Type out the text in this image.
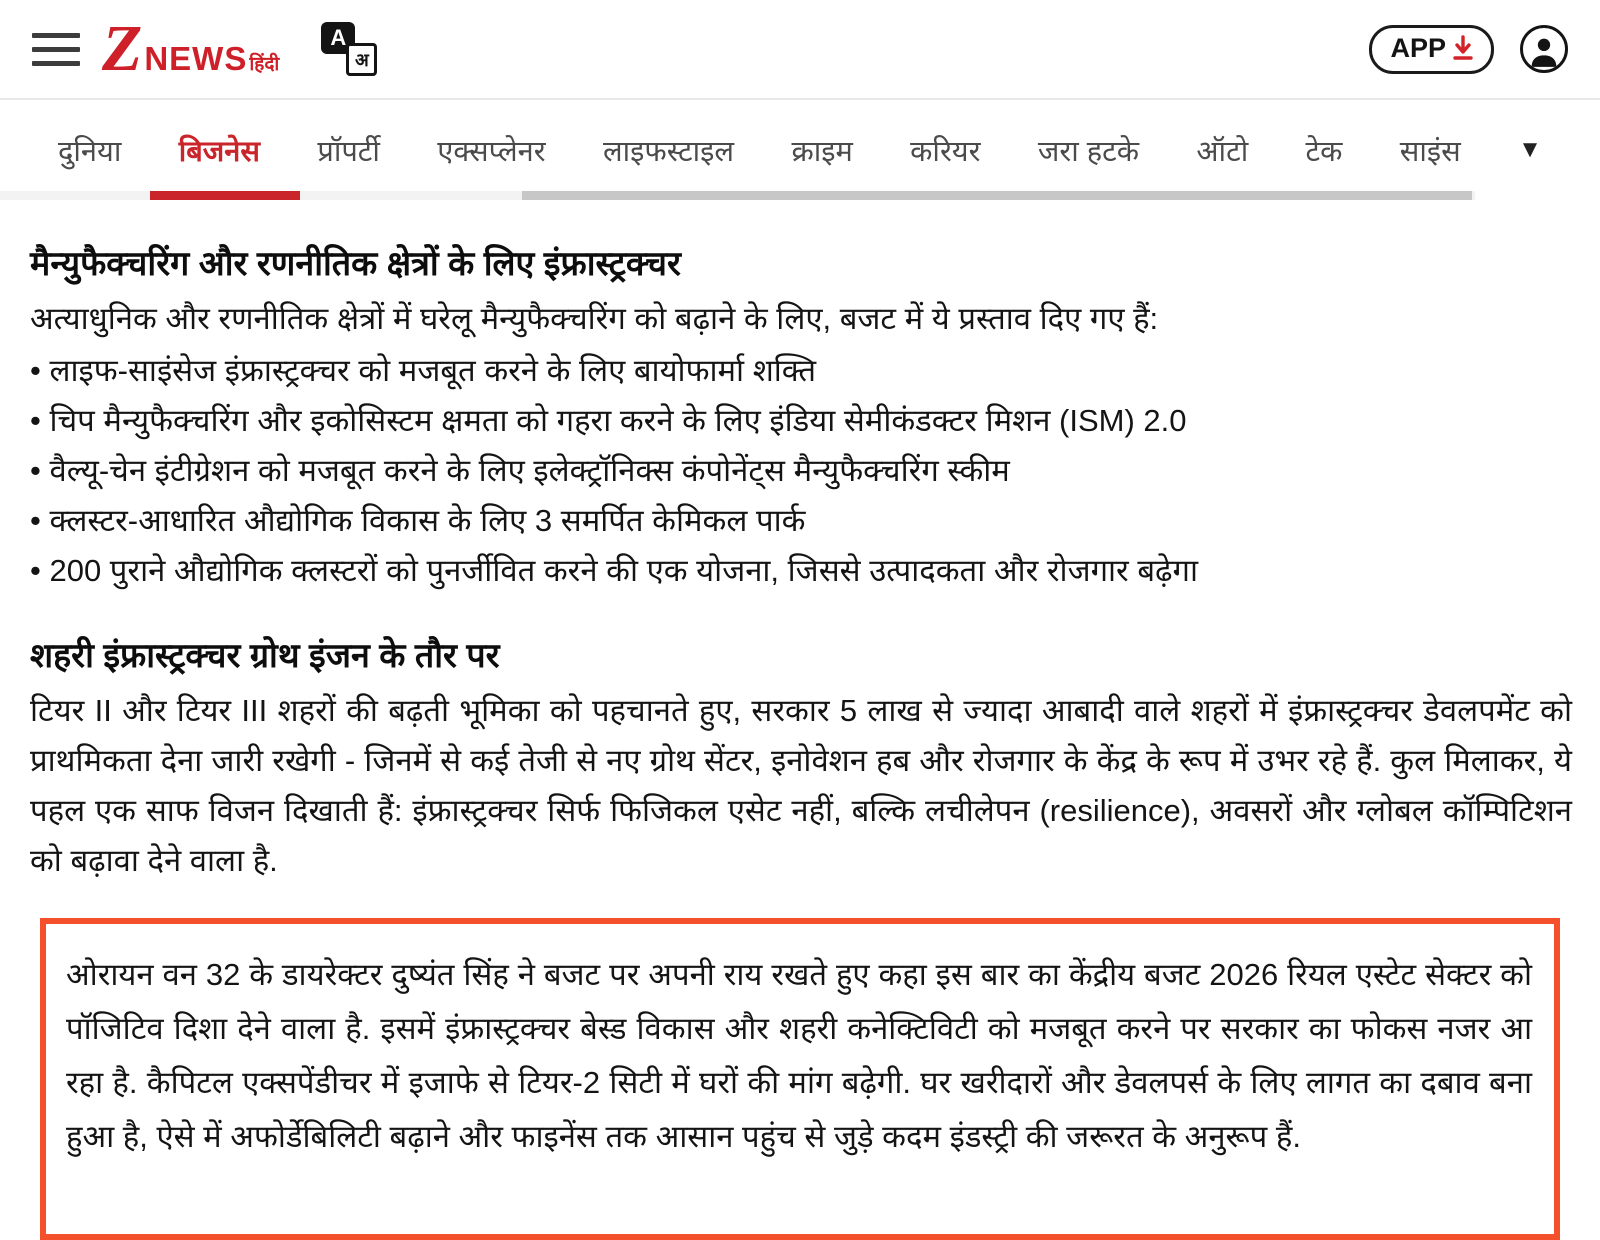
Z NEWS हिंदी
A
अ	APP
दुनिया बिजनेस प्रॉपर्टी एक्सप्लेनर लाइफस्टाइल क्राइम करियर जरा हटके ऑटो टेक साइंस ▼
मैन्युफैक्चरिंग और रणनीतिक क्षेत्रों के लिए इंफ्रास्ट्रक्चर

अत्याधुनिक और रणनीतिक क्षेत्रों में घरेलू मैन्युफैक्चरिंग को बढ़ाने के लिए, बजट में ये प्रस्ताव दिए गए हैं:

• लाइफ-साइंसेज इंफ्रास्ट्रक्चर को मजबूत करने के लिए बायोफार्मा शक्ति
• चिप मैन्युफैक्चरिंग और इकोसिस्टम क्षमता को गहरा करने के लिए इंडिया सेमीकंडक्टर मिशन (ISM) 2.0
• वैल्यू-चेन इंटीग्रेशन को मजबूत करने के लिए इलेक्ट्रॉनिक्स कंपोनेंट्स मैन्युफैक्चरिंग स्कीम
• क्लस्टर-आधारित औद्योगिक विकास के लिए 3 समर्पित केमिकल पार्क
• 200 पुराने औद्योगिक क्लस्टरों को पुनर्जीवित करने की एक योजना, जिससे उत्पादकता और रोजगार बढ़ेगा
शहरी इंफ्रास्ट्रक्चर ग्रोथ इंजन के तौर पर

टियर II और टियर III शहरों की बढ़ती भूमिका को पहचानते हुए, सरकार 5 लाख से ज्यादा आबादी वाले शहरों में इंफ्रास्ट्रक्चर डेवलपमेंट को प्राथमिकता देना जारी रखेगी - जिनमें से कई तेजी से नए ग्रोथ सेंटर, इनोवेशन हब और रोजगार के केंद्र के रूप में उभर रहे हैं. कुल मिलाकर, ये पहल एक साफ विजन दिखाती हैं: इंफ्रास्ट्रक्चर सिर्फ फिजिकल एसेट नहीं, बल्कि लचीलेपन (resilience), अवसरों और ग्लोबल कॉम्पिटिशन को बढ़ावा देने वाला है.

ओरायन वन 32 के डायरेक्टर दुष्यंत सिंह ने बजट पर अपनी राय रखते हुए कहा इस बार का केंद्रीय बजट 2026 रियल एस्टेट सेक्टर को पॉजिटिव दिशा देने वाला है. इसमें इंफ्रास्ट्रक्चर बेस्ड विकास और शहरी कनेक्टिविटी को मजबूत करने पर सरकार का फोकस नजर आ रहा है. कैपिटल एक्सपेंडीचर में इजाफे से टियर-2 सिटी में घरों की मांग बढ़ेगी. घर खरीदारों और डेवलपर्स के लिए लागत का दबाव बना हुआ है, ऐसे में अफोर्डेबिलिटी बढ़ाने और फाइनेंस तक आसान पहुंच से जुड़े कदम इंडस्ट्री की जरूरत के अनुरूप हैं.
